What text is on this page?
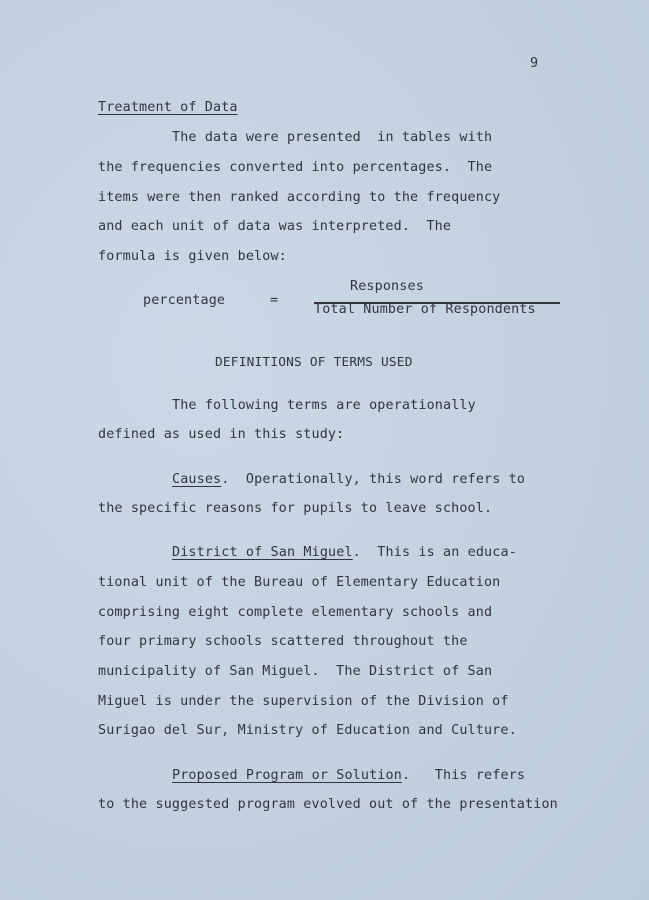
9
Treatment of Data
The data were presented  in tables with
the frequencies converted into percentages.  The
items were then ranked according to the frequency
and each unit of data was interpreted.  The
formula is given below:
percentage	=
Responses
Total Number of Respondents
DEFINITIONS OF TERMS USED
The following terms are operationally
defined as used in this study:
Causes.  Operationally, this word refers to
the specific reasons for pupils to leave school.
District of San Miguel.  This is an educa-
tional unit of the Bureau of Elementary Education
comprising eight complete elementary schools and
four primary schools scattered throughout the
municipality of San Miguel.  The District of San
Miguel is under the supervision of the Division of
Surigao del Sur, Ministry of Education and Culture.
Proposed Program or Solution.   This refers
to the suggested program evolved out of the presentation
